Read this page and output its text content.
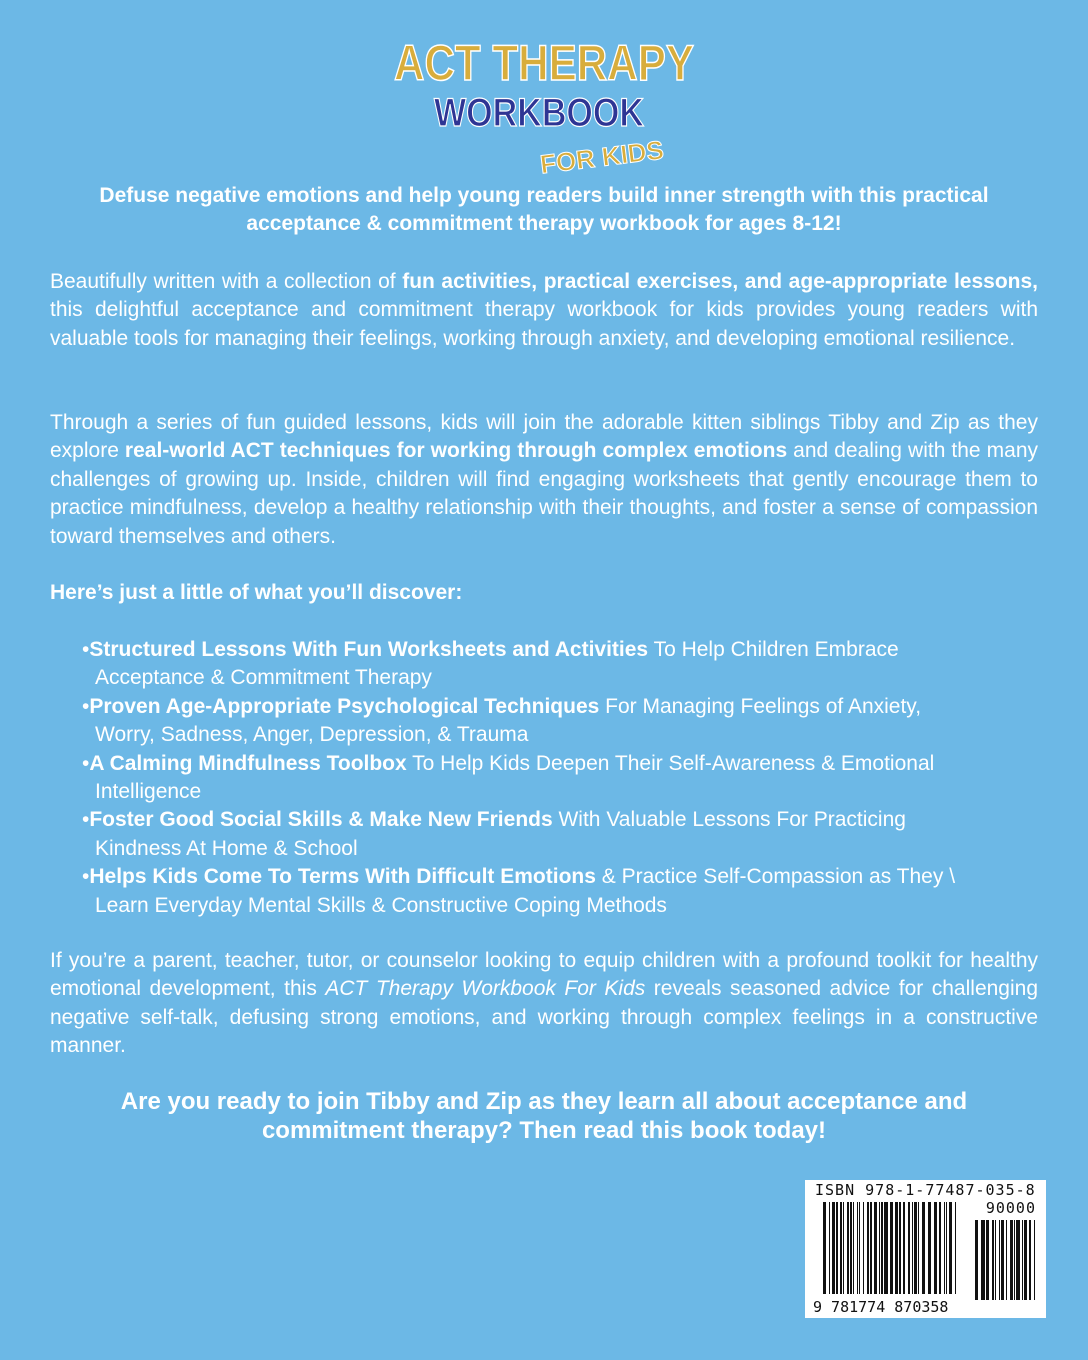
ACT THERAPY
WORKBOOK
FOR KIDS
Defuse negative emotions and help young readers build inner strength with this practical acceptance & commitment therapy workbook for ages 8-12!
Beautifully written with a collection of fun activities, practical exercises, and age-appropriate lessons, this delightful acceptance and commitment therapy workbook for kids provides young readers with valuable tools for managing their feelings, working through anxiety, and developing emotional resilience.
Through a series of fun guided lessons, kids will join the adorable kitten siblings Tibby and Zip as they explore real-world ACT techniques for working through complex emotions and dealing with the many challenges of growing up. Inside, children will find engaging worksheets that gently encourage them to practice mindfulness, develop a healthy relationship with their thoughts, and foster a sense of compassion toward themselves and others.
Here’s just a little of what you’ll discover:
•Structured Lessons With Fun Worksheets and Activities To Help Children Embrace
Acceptance & Commitment Therapy
•Proven Age-Appropriate Psychological Techniques For Managing Feelings of Anxiety,
Worry, Sadness, Anger, Depression, & Trauma
•A Calming Mindfulness Toolbox To Help Kids Deepen Their Self-Awareness & Emotional
Intelligence
•Foster Good Social Skills & Make New Friends With Valuable Lessons For Practicing
Kindness At Home & School
•Helps Kids Come To Terms With Difficult Emotions & Practice Self-Compassion as They \
Learn Everyday Mental Skills & Constructive Coping Methods
If you’re a parent, teacher, tutor, or counselor looking to equip children with a profound toolkit for healthy emotional development, this ACT Therapy Workbook For Kids reveals seasoned advice for challenging negative self-talk, defusing strong emotions, and working through complex feelings in a constructive manner.
Are you ready to join Tibby and Zip as they learn all about acceptance and commitment therapy? Then read this book today!
ISBN 978-1-77487-035-8
90000
9 781774 870358
